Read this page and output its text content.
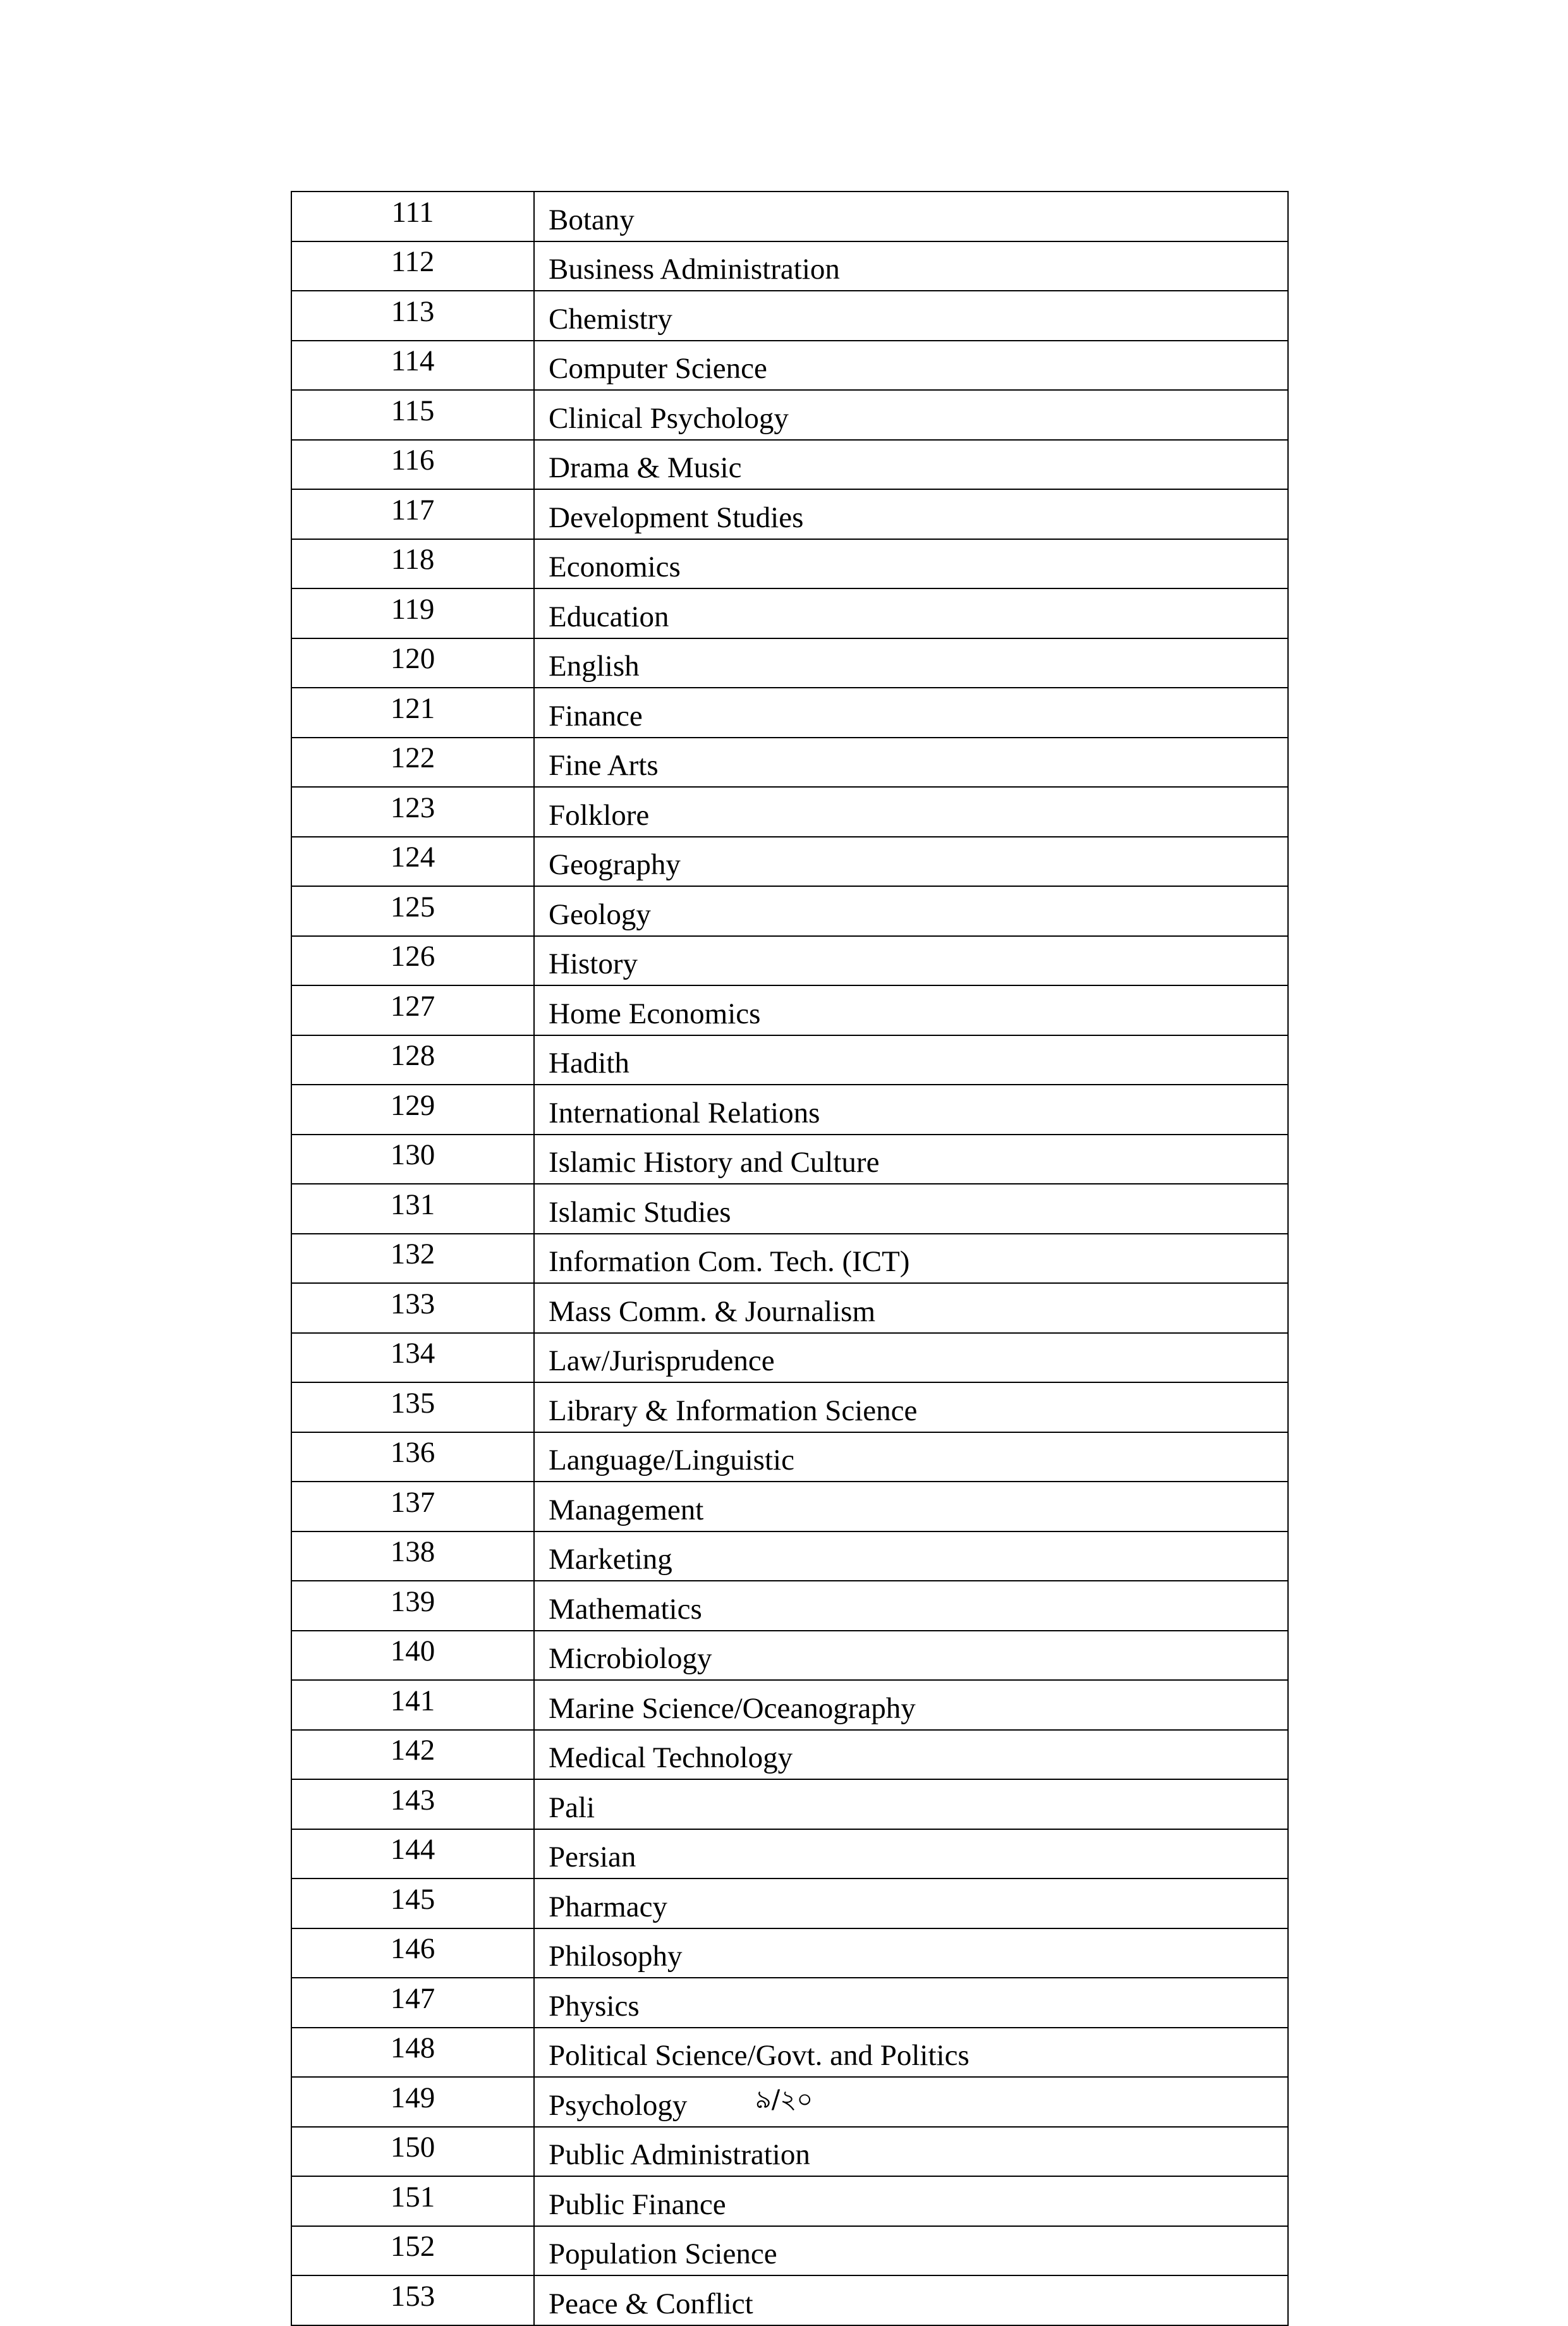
111	Botany
112	Business Administration
113	Chemistry
114	Computer Science
115	Clinical Psychology
116	Drama & Music
117	Development Studies
118	Economics
119	Education
120	English
121	Finance
122	Fine Arts
123	Folklore
124	Geography
125	Geology
126	History
127	Home Economics
128	Hadith
129	International Relations
130	Islamic History and Culture
131	Islamic Studies
132	Information Com. Tech. (ICT)
133	Mass Comm. & Journalism
134	Law/Jurisprudence
135	Library & Information Science
136	Language/Linguistic
137	Management
138	Marketing
139	Mathematics
140	Microbiology
141	Marine Science/Oceanography
142	Medical Technology
143	Pali
144	Persian
145	Pharmacy
146	Philosophy
147	Physics
148	Political Science/Govt. and Politics
149	Psychology
150	Public Administration
151	Public Finance
152	Population Science
153	Peace & Conflict
৯/২০
